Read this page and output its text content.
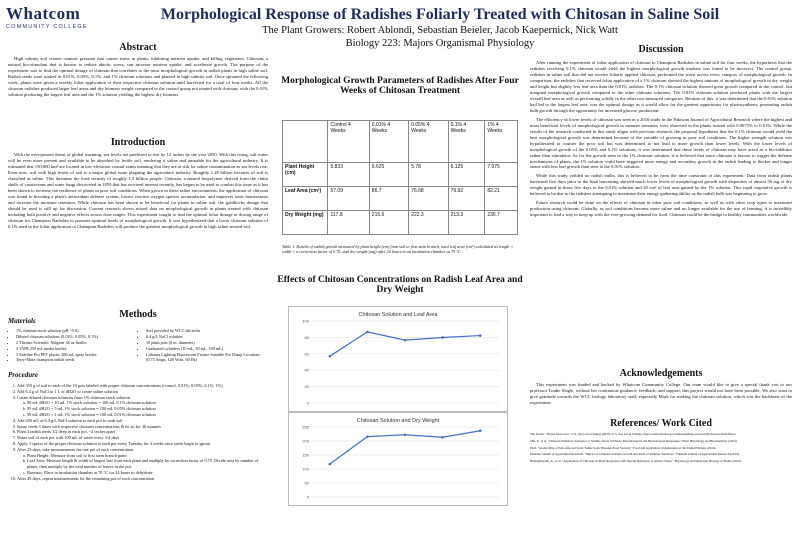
Whatcom
COMMUNITY COLLEGE
Morphological Response of Radishes Foliarly Treated with Chitosan in Saline Soil
The Plant Growers: Robert Ablondi, Sebastian Beieler, Jacob Kaepernick, Nick Watt
Biology 223: Majors Organismal Physiology
Abstract

High salinity soil creates osmotic pressure that causes stress in plants, inhibiting nutrient uptake, and killing vegetation. Chitosan, a natural bio-stimulant that is known to reduce abiotic stress, can increase nutrient uptake, and accelerate growth. The purpose of the experiment was to find the optimal dosage of chitosan that correlates to the most morphological growth in radish plants in high saline soil. Radish seeds were soaked in 0.01%, 0.05%, 0.1%, and 1% chitosan solutions and planted in high salinity soil. Once sprouted the following week, plants were given a weekly foliar application of their respective chitosan solution until harvested for a total of four weeks. All the chitosan radishes produced larger leaf areas and dry biomass weight compared to the control group not treated with chitosan, with the 0.01% solution producing the largest leaf area and the 1% solution yielding the highest dry biomass.

Introduction

With the ever-present threat of global warming, sea levels are predicted to rise by 12 inches by the year 2050. With this rising, salt water will be even more present and available to be absorbed by fertile soil, rendering it saline and unusable for the agricultural industry. It is estimated that 150,000 km² are located in low-elevation coastal zones meaning that they are at risk for saline contamination as sea levels rise. Even now, soil with high levels of salt is a major global issue plaguing the agriculture industry. Roughly 1.28 billion hectares of soil is classified as saline. This threatens the food security of roughly 1.5 billion people. Chitosan, a natural biopolymer derived from the chitin shells of crustaceans and some fungi discovered in 1859 that has received interest recently, has begun to be used to combat this issue as it has been shown to increase the resilience of plants in poor soil conditions. When grown in these saline environments, the application of chitosan was found to boosting a plant's antioxidant defense system, lowers reactive oxygen species accumulation, and improves ionic homeostasis and increase the moisture retention. While chitosan has been shown to be beneficial for plants in saline soil, the goldilocks dosage that should be used is still up for discussion. Current research shows mixed data on morphological growth in plants treated with chitosan including both positive and negative effects across dose ranges. This experiment sought to find the optimal foliar dosage or dosing range of chitosan for Champion Radishes to promote optimal levels of morphological growth. It was hypothesized that a lower chitosan solution of 0.1% used in the foliar application to Champion Radishes will produce the greatest morphological growth in high saline treated soil.

Methods
Materials
• 1% chitosan stock solution (pH ~5.6)
• Diluted chitosan solutions (0.01%, 0.05%, 0.1%)
• 2 Thermo Scientific Nalgene 34 oz bottles
• 4 VWR 250 mL media bottles
• 3 Sideline Pro PET plastic 200 mL spray bottles
• Terry-Mote champion radish seeds
• Soil provided by WCC lab techs
• 6.4 g/L NaCl solution
• 10 plant pots (6 in. diameter)
• Graduated cylinders (10 mL, 50 mL, 100 mL)
• Lithonia Lighting Fluorescent Fixture Suitable For Damp Locations (0.75 Amps, 120 Volts, 60 Hz)
Procedure
1. Add 350 g of soil to each of the 10 pots labeled with proper chitosan concentrations (control, 0.01%, 0.05%, 0.1%, 1%)
2. Add 6.4 g of NaCl to 1 L of dH2O to create saline solution
3. Create diluted chitosan solutions from 1% chitosan stock solution
a. 90 mL dH2O + 10 mL 1% stock solution = 100 mL 0.1% chitosan solution
b. 95 mL dH2O + 5 mL 1% stock solution = 100 mL 0.05% chitosan solution
c. 99 mL dH2O + 1 mL 1% stock solution = 100 mL 0.01% chitosan solution
4. Add 200 mL of 6.4 g/L NaCl solution to each pot to soak soil
5. Spray seeds 3 times with respective chitosan concentrations & let sit for 30 minutes
6. Plant 4 radish seeds 1/2 deep in each pot, ~2 inches apart
7. Water soil of each pot with 100 mL of water every 3-4 days
8. Apply 3 sprays of the proper chitosan solution to each pot every Tuesday for 4 weeks once seeds begin to sprout
9. After 23 days, take measurements for one pot of each concentration
a. Plant Height: Measure from soil to first stem branch point
b. Leaf Area: Measure length & width of largest leaf from each plant and multiply by correction factor of 0.75. Divide area by number of plants, then multiply by the total number of leaves in the pot.
c. Biomass: Place in incubation chamber at 70 °C for 24 hours to dehydrate
10. After 28 days, repeat measurements for the remaining pot of each concentration
Morphological Growth Parameters of Radishes After Four Weeks of Chitosan Treatment
	Control 4 Weeks	0.01% 4 Weeks	0.05% 4 Weeks	0.1% 4 Weeks	1% 4 Weeks
Plant Height (cm)	5.833	6.625	5.78	6.125	7.075
Leaf Area (cm²)	57.09	86.7	76.68	79.92	82.21
Dry Weight (mg)	117.8	215.6	222.3	213.3	236.7
Table 1. Results of radish growth measured by plant height (cm) from soil to first stem branch, total leaf area (cm²) calculated as length × width × a correction factor of 0.75, and dry weight (mg) after 24 hours in an incubation chamber at 70 °C.
Effects of Chitosan Concentrations on Radish Leaf Area and Dry Weight
Chitosan Solution and Leaf Area
0
20
40
60
80
100
Chitosan Solution and Dry Weight
0
50
100
150
200
250
Discussion

After running the experiment of foliar application of chitosan to Champion Radishes in saline soil for four weeks, the hypothesis that the radishes receiving 0.1% chitosan would yield the highest morphological growth markers was found to be incorrect. The control group, radishes in saline soil that did not receive foliarly applied chitosan, performed the worst across every category of morphological growth. In comparison, the radishes that received foliar application of a 1% chitosan showed the highest amount of morphological growth in dry weight and height but slightly less leaf area than the 0.01% radishes. The 0.1% chitosan solution showed great growth compared to the control, but marginal morphological growth compared to the other chitosan solutions. The 0.01% chitosan solution produced plants with the largest overall leaf area as well as performing solidly in the other two measured categories. Because of this, it was determined that the 0.01% solution had led to the largest leaf area, was the optimal dosage as it would allow for the greatest opportunity for photosynthesis, promoting radish bulb growth through the opportunity for increased glucose production.

The efficiency of lower levels of chitosan was seen in a 2016 study in the Pakistan Journal of Agricultural Research where the highest and most beneficial levels of morphological growth in summer tomatoes were observed in the plants treated with 0.0075% to 0.01%. While the results of the research conducted in this study aligns with previous research, the proposal hypothesis that the 0.1% chitosan would yield the best morphological growth was determined because of the variable of growing in poor soil conditions. The higher strength solution was hypothesized to counter the poor soil but was determined to not lead to more growth than lower levels. With the lower levels of morphological growth of the 0.05% and 0.1% solutions, it was determined that these levels of chitosan may have acted as a bio-inhibitor rather than stimulator. As for the growth seen in the 1% chitosan solution, it is believed that since chitosan is known to trigger the defense mechanisms of plants, the 1% solution could have triggered more energy and secondary growth in the radish leading to thicker and longer stems with less leaf growth than seen in the 0.01% solution.

While this study yielded no radish bulbs, this is believed to be from the time constraint of this experiment. Data from radish plants harvested five days prior to the final harvesting showed much lower levels of morphological growth with disparities of almost 50 mg of dry weight gained in those five days in the 0.01% solution and 20 cm² of leaf area gained by the 1% solution. This rapid vegetative growth is believed to be due to the radishes attempting to maximize their energy gathering ability as the radish bulb was beginning to grow.

Future research could be done on the effects of chitosan in other poor soil conditions, as well as with other crop types to maximize production using chitosan. Globally, as soil conditions become more saline and no longer available for the use of farming, it is incredibly important to find a way to keep up with the ever-growing demand for food. Chitosan could be the bridge to healthy communities worldwide.

Acknowledgements

This experiment was funded and backed by Whatcom Community College. Our team would like to give a special thank you to our professor Trudie Slagle, without her continuous guidance, feedback, and support, this project would not have been possible. We also want to give gratitude towards the WCC biology laboratory staff, especially Mark for making the chitosan solution, which was the backbone of the experiment.

References/ Work Cited

The Ocean. "Future Sea Level." U.S. Sea Level Change (2025). U.S. Sea Level Change, https://sealevel.nasa.gov/understanding-sea-level/global-sea-level/future.

Zhu, Y., et al. "Chitosan Enhances Tolerance to Salinity Stress in Plants: Morphological and Physiological Responses." Plant Physiology and Biochemistry (2023).

FAO. "Global Map of Salt-Affected Soils: Saline Soils Threaten Food Security." Food and Agriculture Organization of the United Nations (2024).

Pakistan Journal of Agricultural Research. "Impact of Chitosan on Plant Growth and Yield of Summer Tomatoes." Pakistan Journal of Agricultural Research (2016).

Hidangmayum, A., et al. "Application of Chitosan on Plant Responses with Special Reference to Abiotic Stress." Physiology and Molecular Biology of Plants (2019).
